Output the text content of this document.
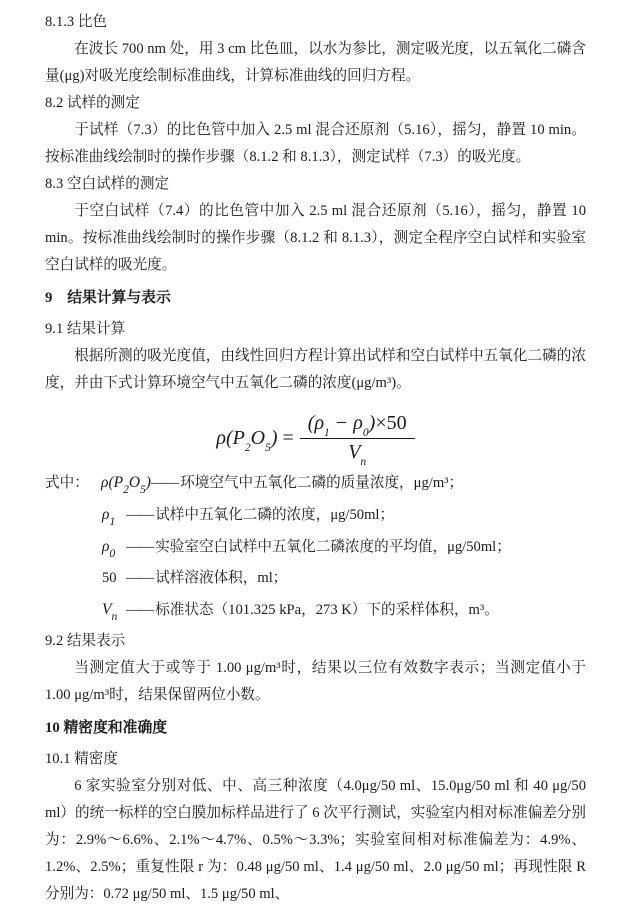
8.1.3 比色

在波长 700 nm 处，用 3 cm 比色皿，以水为参比，测定吸光度，以五氧化二磷含量(μg)对吸光度绘制标准曲线，计算标准曲线的回归方程。

8.2 试样的测定

于试样（7.3）的比色管中加入 2.5 ml 混合还原剂（5.16），摇匀，静置 10 min。按标准曲线绘制时的操作步骤（8.1.2 和 8.1.3），测定试样（7.3）的吸光度。

8.3 空白试样的测定

于空白试样（7.4）的比色管中加入 2.5 ml 混合还原剂（5.16），摇匀，静置 10 min。按标准曲线绘制时的操作步骤（8.1.2 和 8.1.3），测定全程序空白试样和实验室空白试样的吸光度。

9　结果计算与表示

9.1 结果计算

根据所测的吸光度值，由线性回归方程计算出试样和空白试样中五氧化二磷的浓度，并由下式计算环境空气中五氧化二磷的浓度(μg/m³)。

$\rho(P_2O_5) = \frac{(\rho_1 - \rho_0)\times 50}{V_n}$
式中： $\rho(P_2O_5)——$ 环境空气中五氧化二磷的质量浓度，μg/m³；
$\rho_1$ —— 试样中五氧化二磷的浓度，μg/50ml；
$\rho_0$ —— 实验室空白试样中五氧化二磷浓度的平均值，μg/50ml；
50 —— 试样溶液体积，ml；
$V_n$ —— 标准状态（101.325 kPa，273 K）下的采样体积，m³。

9.2 结果表示

当测定值大于或等于 1.00 μg/m³时，结果以三位有效数字表示；当测定值小于 1.00 μg/m³时，结果保留两位小数。

10 精密度和准确度

10.1 精密度

6 家实验室分别对低、中、高三种浓度（4.0μg/50 ml、15.0μg/50 ml 和 40 μg/50 ml）的统一标样的空白膜加标样品进行了 6 次平行测试，实验室内相对标准偏差分别为：2.9%～6.6%、2.1%～4.7%、0.5%～3.3%；实验室间相对标准偏差为：4.9%、1.2%、2.5%；重复性限 r 为：0.48 μg/50 ml、1.4 μg/50 ml、2.0 μg/50 ml；再现性限 R 分别为：0.72 μg/50 ml、1.5 μg/50 ml、
